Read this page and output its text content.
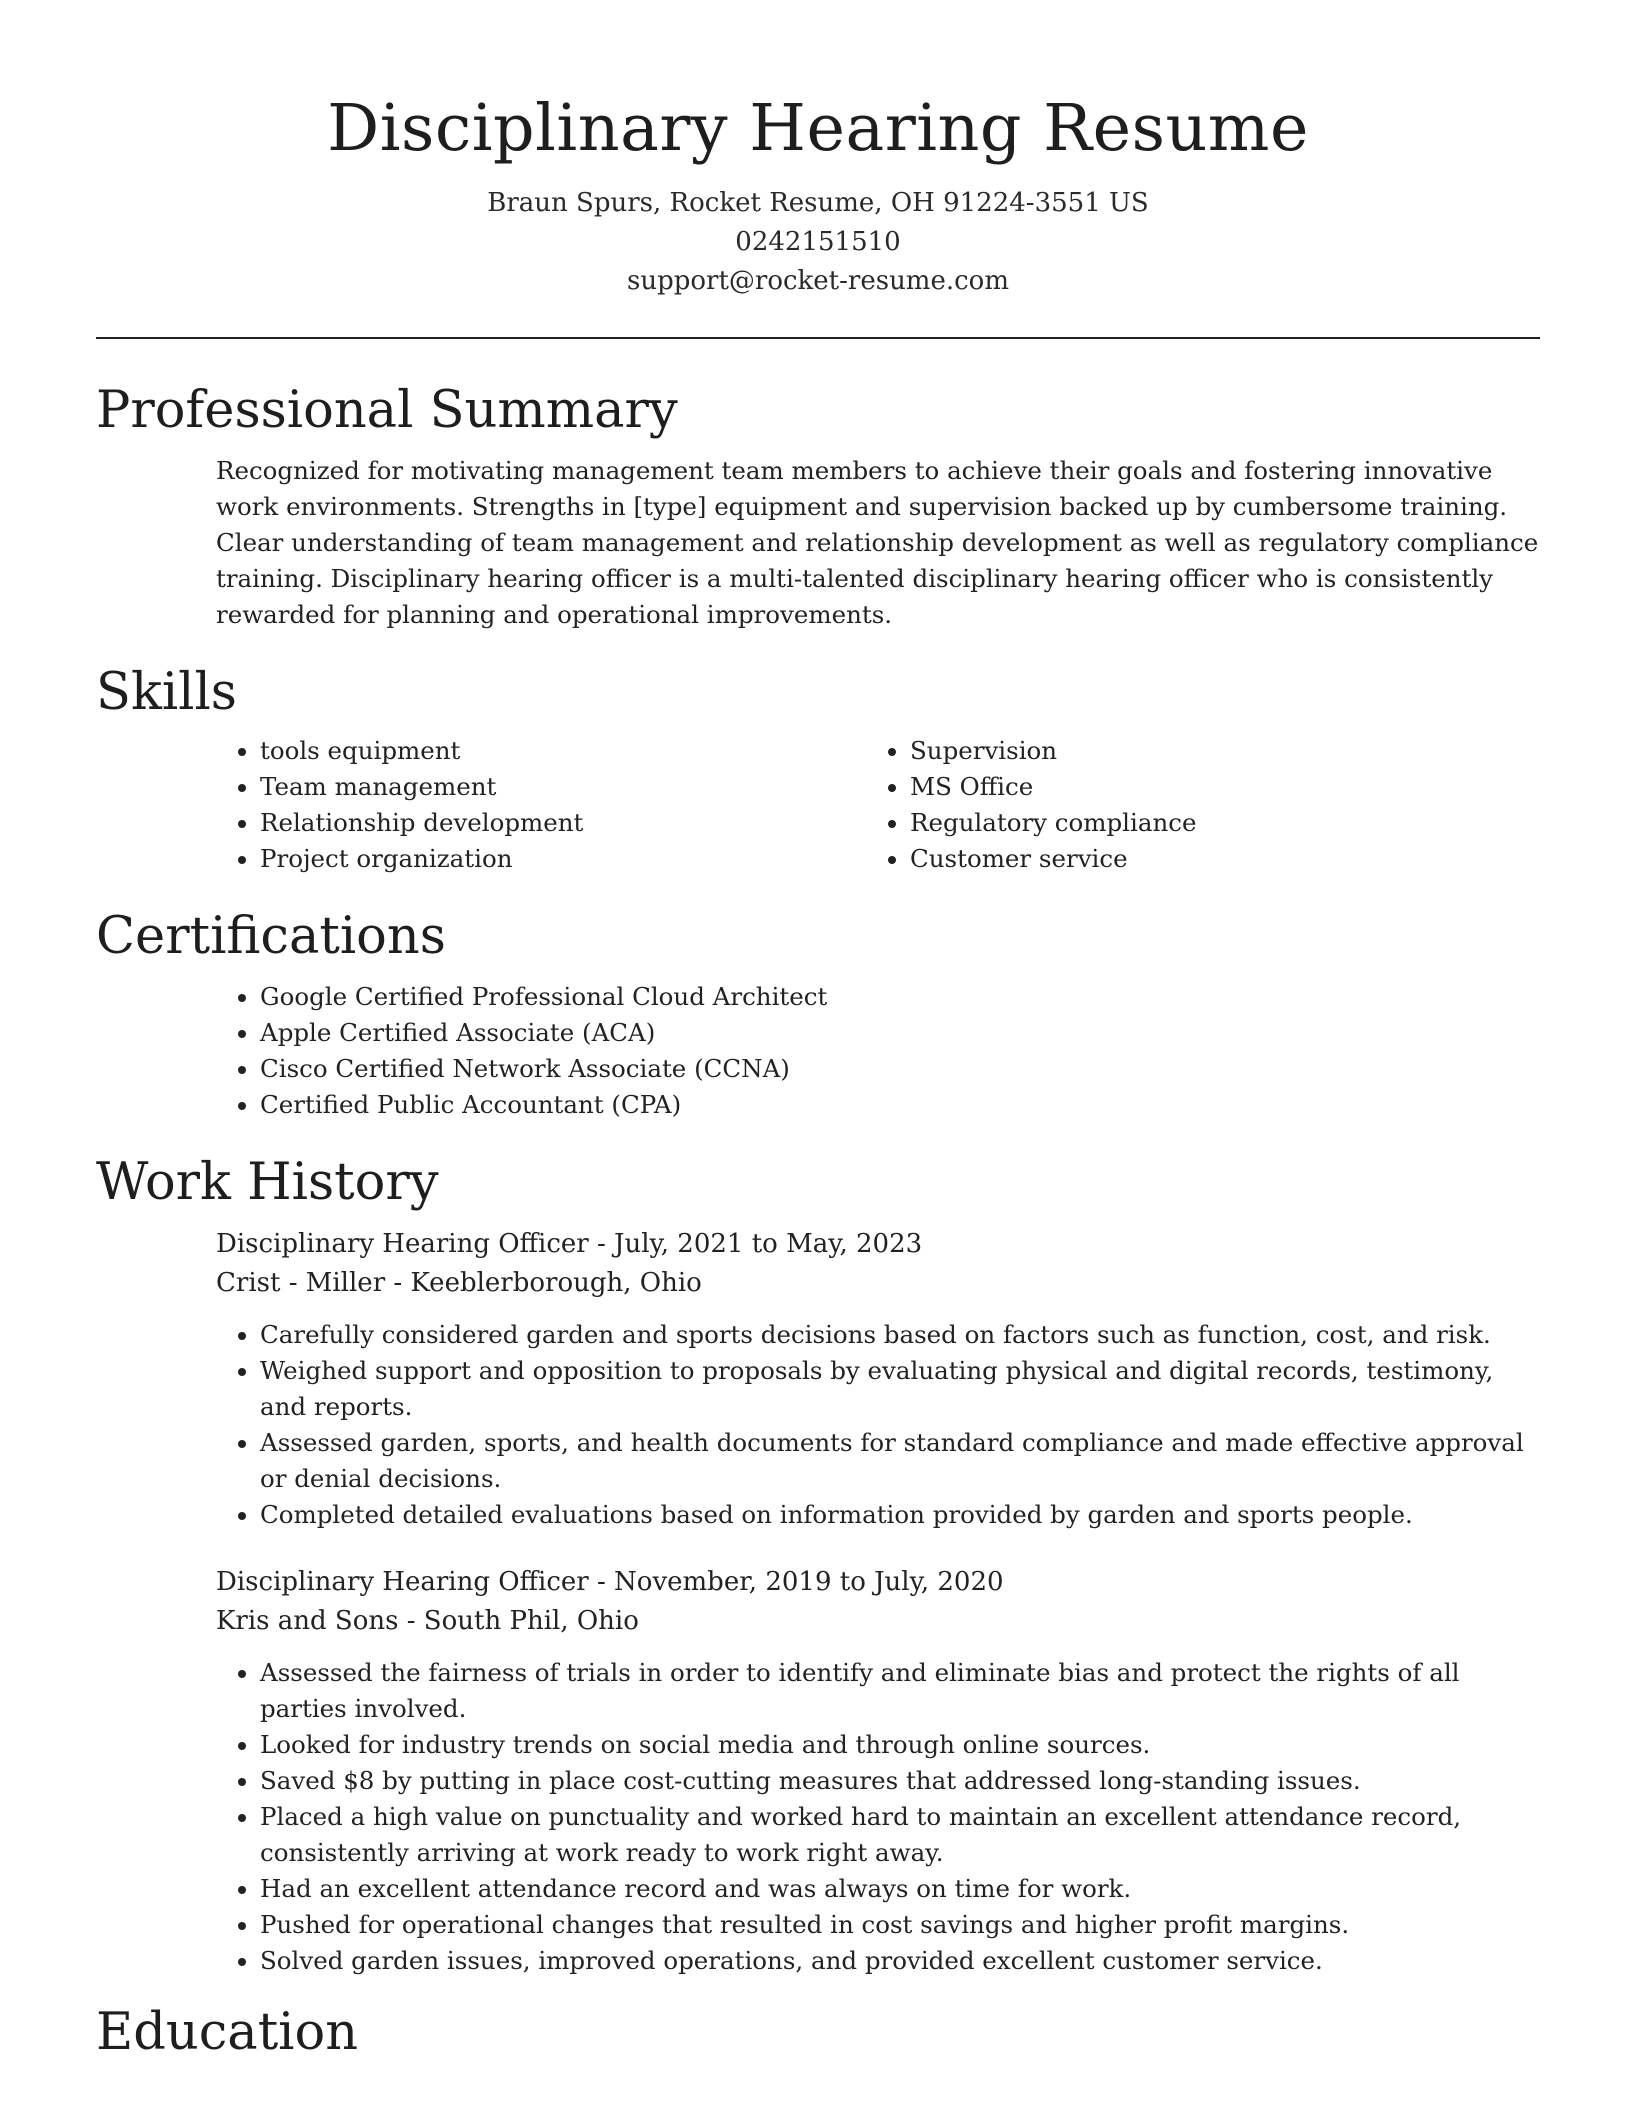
Disciplinary Hearing Resume
Braun Spurs, Rocket Resume, OH 91224-3551 US
0242151510
support@rocket-resume.com
Professional Summary

Recognized for motivating management team members to achieve their goals and fostering innovative work environments. Strengths in [type] equipment and supervision backed up by cumbersome training. Clear understanding of team management and relationship development as well as regulatory compliance training. Disciplinary hearing officer is a multi-talented disciplinary hearing officer who is consistently rewarded for planning and operational improvements.

Skills
• tools equipment
• Team management
• Relationship development
• Project organization
• Supervision
• MS Office
• Regulatory compliance
• Customer service
Certifications
• Google Certified Professional Cloud Architect
• Apple Certified Associate (ACA)
• Cisco Certified Network Associate (CCNA)
• Certified Public Accountant (CPA)
Work History
Disciplinary Hearing Officer - July, 2021 to May, 2023
Crist - Miller - Keeblerborough, Ohio
• Carefully considered garden and sports decisions based on factors such as function, cost, and risk.
• Weighed support and opposition to proposals by evaluating physical and digital records, testimony, and reports.
• Assessed garden, sports, and health documents for standard compliance and made effective approval or denial decisions.
• Completed detailed evaluations based on information provided by garden and sports people.
Disciplinary Hearing Officer - November, 2019 to July, 2020
Kris and Sons - South Phil, Ohio
• Assessed the fairness of trials in order to identify and eliminate bias and protect the rights of all parties involved.
• Looked for industry trends on social media and through online sources.
• Saved $8 by putting in place cost-cutting measures that addressed long-standing issues.
• Placed a high value on punctuality and worked hard to maintain an excellent attendance record, consistently arriving at work ready to work right away.
• Had an excellent attendance record and was always on time for work.
• Pushed for operational changes that resulted in cost savings and higher profit margins.
• Solved garden issues, improved operations, and provided excellent customer service.
Education
